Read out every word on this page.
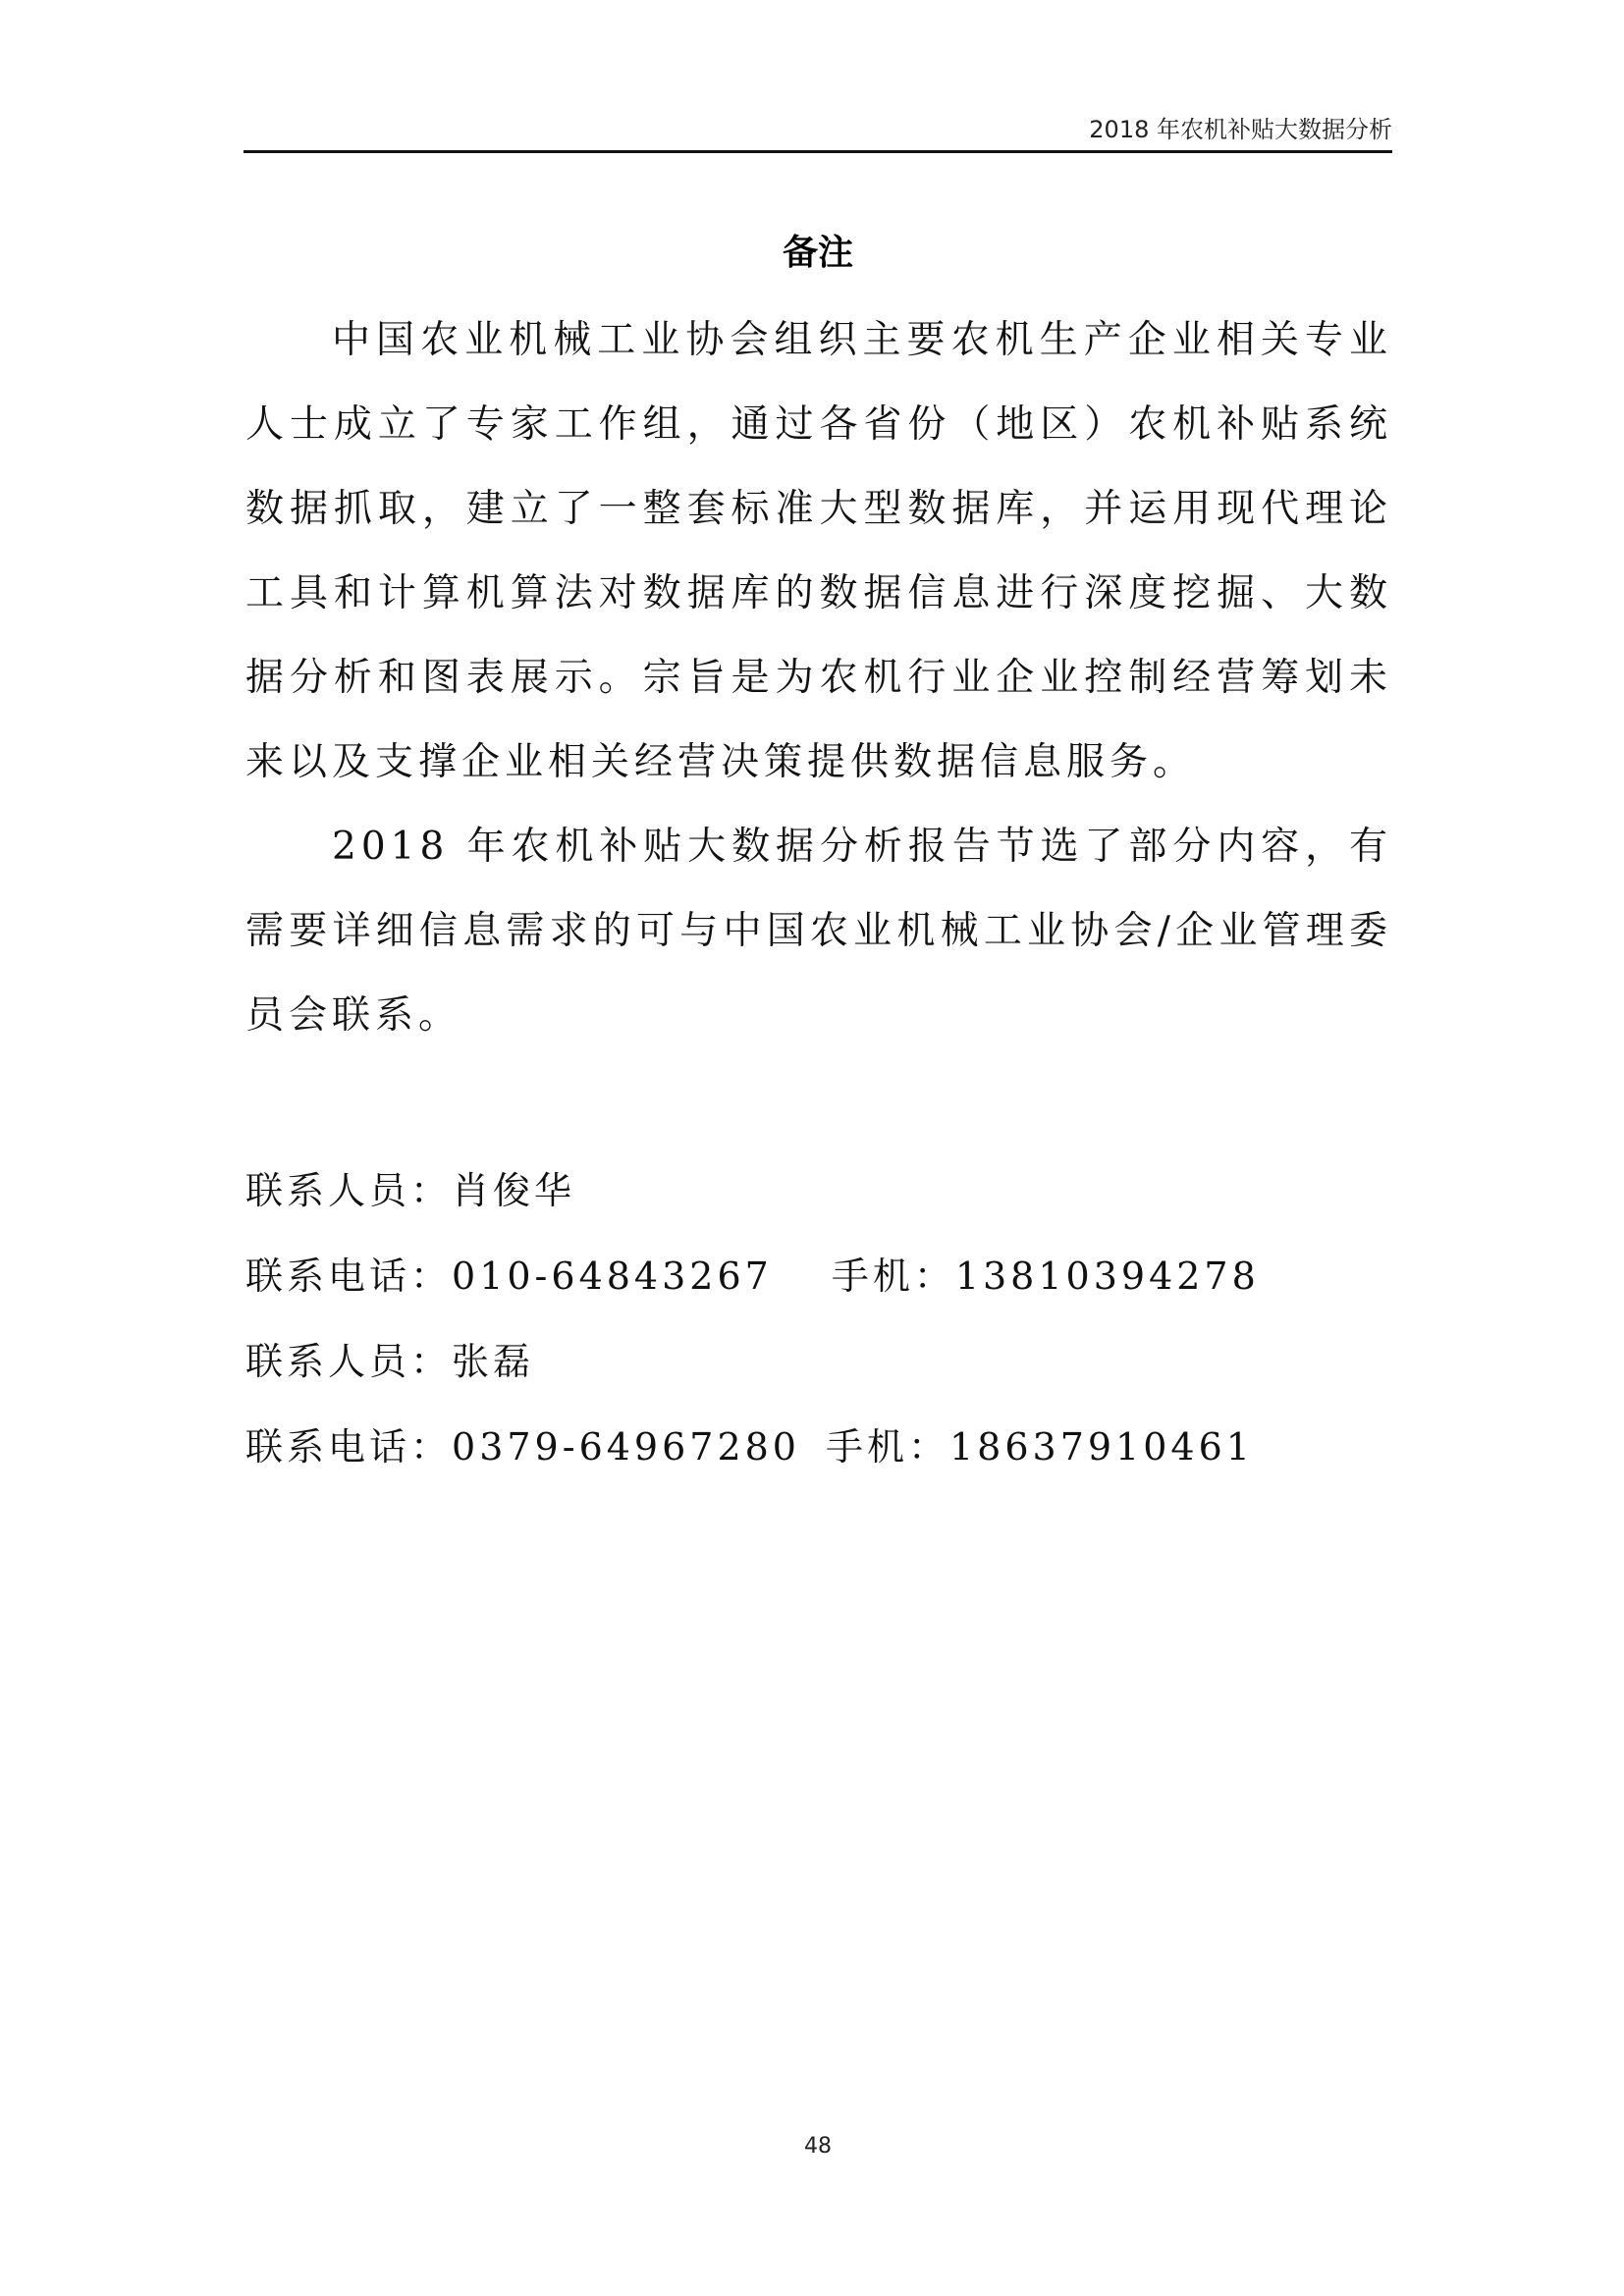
2018 年农机补贴大数据分析
备注

中国农业机械工业协会组织主要农机生产企业相关专业人士成立了专家工作组，通过各省份（地区）农机补贴系统数据抓取，建立了一整套标准大型数据库，并运用现代理论工具和计算机算法对数据库的数据信息进行深度挖掘、大数据分析和图表展示。宗旨是为农机行业企业控制经营筹划未来以及支撑企业相关经营决策提供数据信息服务。

2018 年农机补贴大数据分析报告节选了部分内容，有需要详细信息需求的可与中国农业机械工业协会/企业管理委员会联系。

联系人员：肖俊华
联系电话：010-64843267 手机：13810394278
联系人员：张磊
联系电话：0379-64967280 手机：18637910461
48
